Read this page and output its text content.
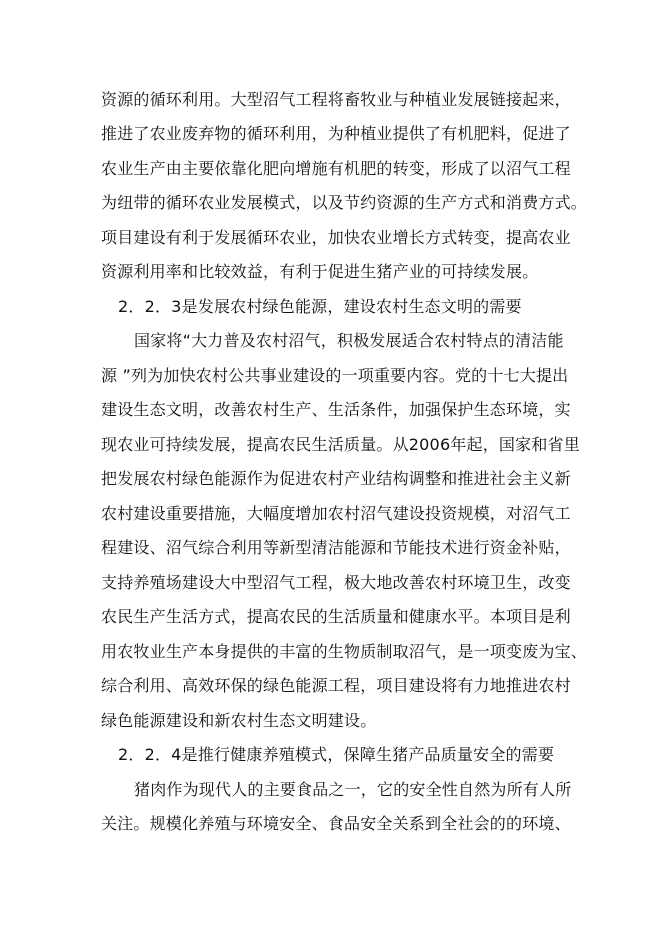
资源的循环利用。大型沼气工程将畜牧业与种植业发展链接起来，

推进了农业废弃物的循环利用，为种植业提供了有机肥料，促进了

农业生产由主要依靠化肥向增施有机肥的转变，形成了以沼气工程

为纽带的循环农业发展模式，以及节约资源的生产方式和消费方式。

项目建设有利于发展循环农业，加快农业增长方式转变，提高农业

资源利用率和比较效益，有利于促进生猪产业的可持续发展。

2．2．3是发展农村绿色能源，建设农村生态文明的需要

国家将“大力普及农村沼气，积极发展适合农村特点的清洁能

源 ”列为加快农村公共事业建设的一项重要内容。党的十七大提出

建设生态文明，改善农村生产、生活条件，加强保护生态环境，实

现农业可持续发展，提高农民生活质量。从2006年起，国家和省里

把发展农村绿色能源作为促进农村产业结构调整和推进社会主义新

农村建设重要措施，大幅度增加农村沼气建设投资规模，对沼气工

程建设、沼气综合利用等新型清洁能源和节能技术进行资金补贴，

支持养殖场建设大中型沼气工程，极大地改善农村环境卫生，改变

农民生产生活方式，提高农民的生活质量和健康水平。本项目是利

用农牧业生产本身提供的丰富的生物质制取沼气，是一项变废为宝、

综合利用、高效环保的绿色能源工程，项目建设将有力地推进农村

绿色能源建设和新农村生态文明建设。

2．2．4是推行健康养殖模式，保障生猪产品质量安全的需要

猪肉作为现代人的主要食品之一，它的安全性自然为所有人所

关注。规模化养殖与环境安全、食品安全关系到全社会的的环境、
